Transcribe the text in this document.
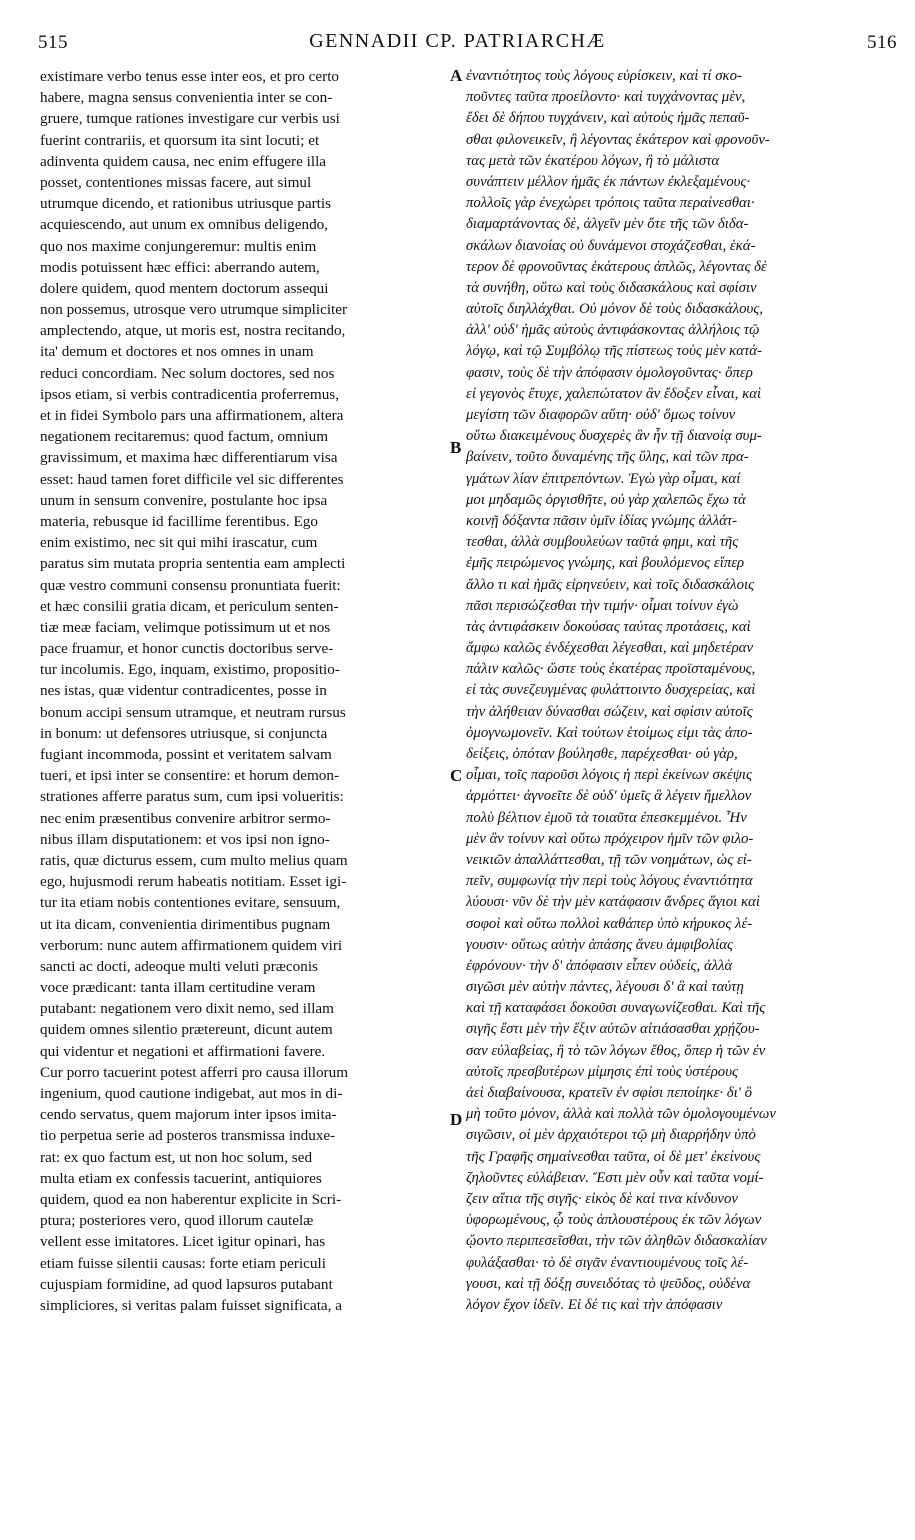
515	GENNADII CP. PATRIARCHÆ	516
existimare verbo tenus esse inter eos, et pro certo
habere, magna sensus convenientia inter se con-
gruere, tumque rationes investigare cur verbis usi
fuerint contrariis, et quorsum ita sint locuti; et
adinventa quidem causa, nec enim effugere illa
posset, contentiones missas facere, aut simul
utrumque dicendo, et rationibus utriusque partis
acquiescendo, aut unum ex omnibus deligendo,
quo nos maxime conjungeremur: multis enim
modis potuissent hæc effici: aberrando autem,
dolere quidem, quod mentem doctorum assequi
non possemus, utrosque vero utrumque simpliciter
amplectendo, atque, ut moris est, nostra recitando,
ita' demum et doctores et nos omnes in unam
reduci concordiam. Nec solum doctores, sed nos
ipsos etiam, si verbis contradicentia proferremus,
et in fidei Symbolo pars una affirmationem, altera
negationem recitaremus: quod factum, omnium
gravissimum, et maxima hæc differentiarum visa
esset: haud tamen foret difficile vel sic differentes
unum in sensum convenire, postulante hoc ipsa
materia, rebusque id facillime ferentibus. Ego
enim existimo, nec sit qui mihi irascatur, cum
paratus sim mutata propria sententia eam amplecti
quæ vestro communi consensu pronuntiata fuerit:
et hæc consilii gratia dicam, et periculum senten-
tiæ meæ faciam, velimque potissimum ut et nos
pace fruamur, et honor cunctis doctoribus serve-
tur incolumis. Ego, inquam, existimo, propositio-
nes istas, quæ videntur contradicentes, posse in
bonum accipi sensum utramque, et neutram rursus
in bonum: ut defensores utriusque, si conjuncta
fugiant incommoda, possint et veritatem salvam
tueri, et ipsi inter se consentire: et horum demon-
strationes afferre paratus sum, cum ipsi volueritis:
nec enim præsentibus convenire arbitror sermo-
nibus illam disputationem: et vos ipsi non igno-
ratis, quæ dicturus essem, cum multo melius quam
ego, hujusmodi rerum habeatis notitiam. Esset igi-
tur ita etiam nobis contentiones evitare, sensuum,
ut ita dicam, convenientia dirimentibus pugnam
verborum: nunc autem affirmationem quidem viri
sancti ac docti, adeoque multi veluti præconis
voce prædicant: tanta illam certitudine veram
putabant: negationem vero dixit nemo, sed illam
quidem omnes silentio prætereunt, dicunt autem
qui videntur et negationi et affirmationi favere.
Cur porro tacuerint potest afferri pro causa illorum
ingenium, quod cautione indigebat, aut mos in di-
cendo servatus, quem majorum inter ipsos imita-
tio perpetua serie ad posteros transmissa induxe-
rat: ex quo factum est, ut non hoc solum, sed
multa etiam ex confessis tacuerint, antiquiores
quidem, quod ea non haberentur explicite in Scri-
ptura; posteriores vero, quod illorum cautelæ
vellent esse imitatores. Licet igitur opinari, has
etiam fuisse silentii causas: forte etiam periculi
cujuspiam formidine, ad quod lapsuros putabant
simpliciores, si veritas palam fuisset significata, a
ἐναντιότητος τοὺς λόγους εὑρίσκειν, καὶ τί σκο-
ποῦντες ταῦτα προείλοντο· καὶ τυγχάνοντας μὲν,
ἔδει δὲ δήπου τυγχάνειν, καὶ αὐτοὺς ἡμᾶς πεπαῦ-
σθαι φιλονεικεῖν, ἢ λέγοντας ἑκάτερον καὶ φρονοῦν-
τας μετὰ τῶν ἑκατέρου λόγων, ἢ τὸ μάλιστα
συνάπτειν μέλλον ἡμᾶς ἐκ πάντων ἐκλεξαμένους·
πολλοῖς γὰρ ἐνεχώρει τρόποις ταῦτα περαίνεσθαι·
διαμαρτάνοντας δὲ, ἀλγεῖν μὲν ὅτε τῆς τῶν διδα-
σκάλων διανοίας οὐ δυνάμενοι στοχάζεσθαι, ἑκά-
τερον δὲ φρονοῦντας ἑκάτερους ἁπλῶς, λέγοντας δὲ
τὰ συνήθη, οὕτω καὶ τοὺς διδασκάλους καὶ σφίσιν
αὐτοῖς διηλλάχθαι. Οὐ μόνον δὲ τοὺς διδασκάλους,
ἀλλ' οὐδ' ἡμᾶς αὐτοὺς ἀντιφάσκοντας ἀλλήλοις τῷ
λόγῳ, καὶ τῷ Συμβόλῳ τῆς πίστεως τοὺς μὲν κατά-
φασιν, τοὺς δὲ τὴν ἀπόφασιν ὁμολογοῦντας· ὅπερ
εἰ γεγονὸς ἔτυχε, χαλεπώτατον ἂν ἔδοξεν εἶναι, καὶ
μεγίστη τῶν διαφορῶν αὕτη· οὐδ' ὅμως τοίνυν
οὕτω διακειμένους δυσχερὲς ἂν ἦν τῇ διανοίᾳ συμ-
βαίνειν, τοῦτο δυναμένης τῆς ὕλης, καὶ τῶν πρα-
γμάτων λίαν ἐπιτρεπόντων. Ἐγὼ γὰρ οἶμαι, καί
μοι μηδαμῶς ὀργισθῆτε, οὐ γὰρ χαλεπῶς ἔχω τὰ
κοινῇ δόξαντα πᾶσιν ὑμῖν ἰδίας γνώμης ἀλλάτ-
τεσθαι, ἀλλὰ συμβουλεύων ταῦτά φημι, καὶ τῆς
ἐμῆς πειρώμενος γνώμης, καὶ βουλόμενος εἴπερ
ἄλλο τι καὶ ἡμᾶς εἰρηνεύειν, καὶ τοῖς διδασκάλοις
πᾶσι περισώζεσθαι τὴν τιμήν· οἶμαι τοίνυν ἐγὼ
τὰς ἀντιφάσκειν δοκούσας ταύτας προτάσεις, καὶ
ἄμφω καλῶς ἐνδέχεσθαι λέγεσθαι, καὶ μηδετέραν
πάλιν καλῶς· ὥστε τοὺς ἑκατέρας προϊσταμένους,
εἰ τὰς συνεζευγμένας φυλάττοιντο δυσχερείας, καὶ
τὴν ἀλήθειαν δύνασθαι σώζειν, καὶ σφίσιν αὐτοῖς
ὁμογνωμονεῖν. Καὶ τούτων ἑτοίμως εἰμι τὰς ἀπο-
δείξεις, ὁπόταν βούλησθε, παρέχεσθαι· οὐ γὰρ,
οἶμαι, τοῖς παροῦσι λόγοις ἡ περὶ ἐκείνων σκέψις
ἁρμόττει· ἀγνοεῖτε δὲ οὐδ' ὑμεῖς ἃ λέγειν ἤμελλον
πολὺ βέλτιον ἐμοῦ τὰ τοιαῦτα ἐπεσκεμμένοι. Ἦν
μὲν ἂν τοίνυν καὶ οὕτω πρόχειρον ἡμῖν τῶν φιλο-
νεικιῶν ἀπαλλάττεσθαι, τῇ τῶν νοημάτων, ὡς εἰ-
πεῖν, συμφωνίᾳ τὴν περὶ τοὺς λόγους ἐναντιότητα
λύουσι· νῦν δὲ τὴν μὲν κατάφασιν ἄνδρες ἅγιοι καὶ
σοφοὶ καὶ οὕτω πολλοὶ καθάπερ ὑπὸ κήρυκος λέ-
γουσιν· οὕτως αὐτὴν ἁπάσης ἄνευ ἀμφιβολίας
ἐφρόνουν· τὴν δ' ἀπόφασιν εἶπεν οὐδείς, ἀλλὰ
σιγῶσι μὲν αὐτὴν πάντες, λέγουσι δ' ἃ καὶ ταύτῃ
καὶ τῇ καταφάσει δοκοῦσι συναγωνίζεσθαι. Καὶ τῆς
σιγῆς ἔστι μὲν τὴν ἕξιν αὐτῶν αἰτιάσασθαι χρῄζου-
σαν εὐλαβείας, ἢ τὸ τῶν λόγων ἔθος, ὅπερ ἡ τῶν ἐν
αὐτοῖς πρεσβυτέρων μίμησις ἐπὶ τοὺς ὑστέρους
ἀεὶ διαβαίνουσα, κρατεῖν ἐν σφίσι πεποίηκε· δι' ὃ
μὴ τοῦτο μόνον, ἀλλὰ καὶ πολλὰ τῶν ὁμολογουμένων
σιγῶσιν, οἱ μὲν ἀρχαιότεροι τῷ μὴ διαρρήδην ὑπὸ
τῆς Γραφῆς σημαίνεσθαι ταῦτα, οἱ δὲ μετ' ἐκείνους
ζηλοῦντες εὐλάβειαν. Ἔστι μὲν οὖν καὶ ταῦτα νομί-
ζειν αἴτια τῆς σιγῆς· εἰκὸς δὲ καί τινα κίνδυνον
ὑφορωμένους, ᾧ τοὺς ἁπλουστέρους ἐκ τῶν λόγων
ᾤοντο περιπεσεῖσθαι, τὴν τῶν ἀληθῶν διδασκαλίαν
φυλάξασθαι· τὸ δὲ σιγᾶν ἐναντιουμένους τοῖς λέ-
γουσι, καὶ τῇ δόξῃ συνειδότας τὸ ψεῦδος, οὐδένα
λόγον ἔχον ἰδεῖν. Εἰ δέ τις καὶ τὴν ἀπόφασιν
A
B
C
D
